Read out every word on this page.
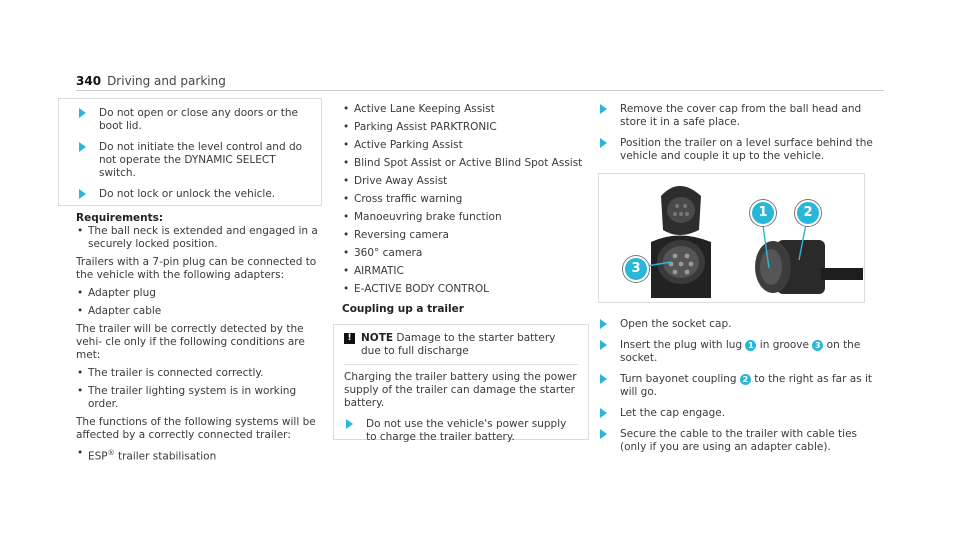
340 Driving and parking
Do not open or close any doors or the boot lid.
Do not initiate the level control and do not operate the DYNAMIC SELECT switch.
Do not lock or unlock the vehicle.
Requirements:
• The ball neck is extended and engaged in a securely locked position.
Trailers with a 7-pin plug can be connected to the vehicle with the following adapters:
• Adapter plug
• Adapter cable
The trailer will be correctly detected by the vehi- cle only if the following conditions are met:
• The trailer is connected correctly.
• The trailer lighting system is in working order.
The functions of the following systems will be affected by a correctly connected trailer:
• ESP® trailer stabilisation
• Active Lane Keeping Assist
• Parking Assist PARKTRONIC
• Active Parking Assist
• Blind Spot Assist or Active Blind Spot Assist
• Drive Away Assist
• Cross traffic warning
• Manoeuvring brake function
• Reversing camera
• 360° camera
• AIRMATIC
• E-ACTIVE BODY CONTROL
Coupling up a trailer
! NOTE Damage to the starter battery due to full discharge
Charging the trailer battery using the power supply of the trailer can damage the starter battery.
Do not use the vehicle's power supply to charge the trailer battery.
Remove the cover cap from the ball head and store it in a safe place.
Position the trailer on a level surface behind the vehicle and couple it up to the vehicle.
1	2
3
Open the socket cap.
Insert the plug with lug 1 in groove 3 on the socket.
Turn bayonet coupling 2 to the right as far as it will go.
Let the cap engage.
Secure the cable to the trailer with cable ties (only if you are using an adapter cable).
